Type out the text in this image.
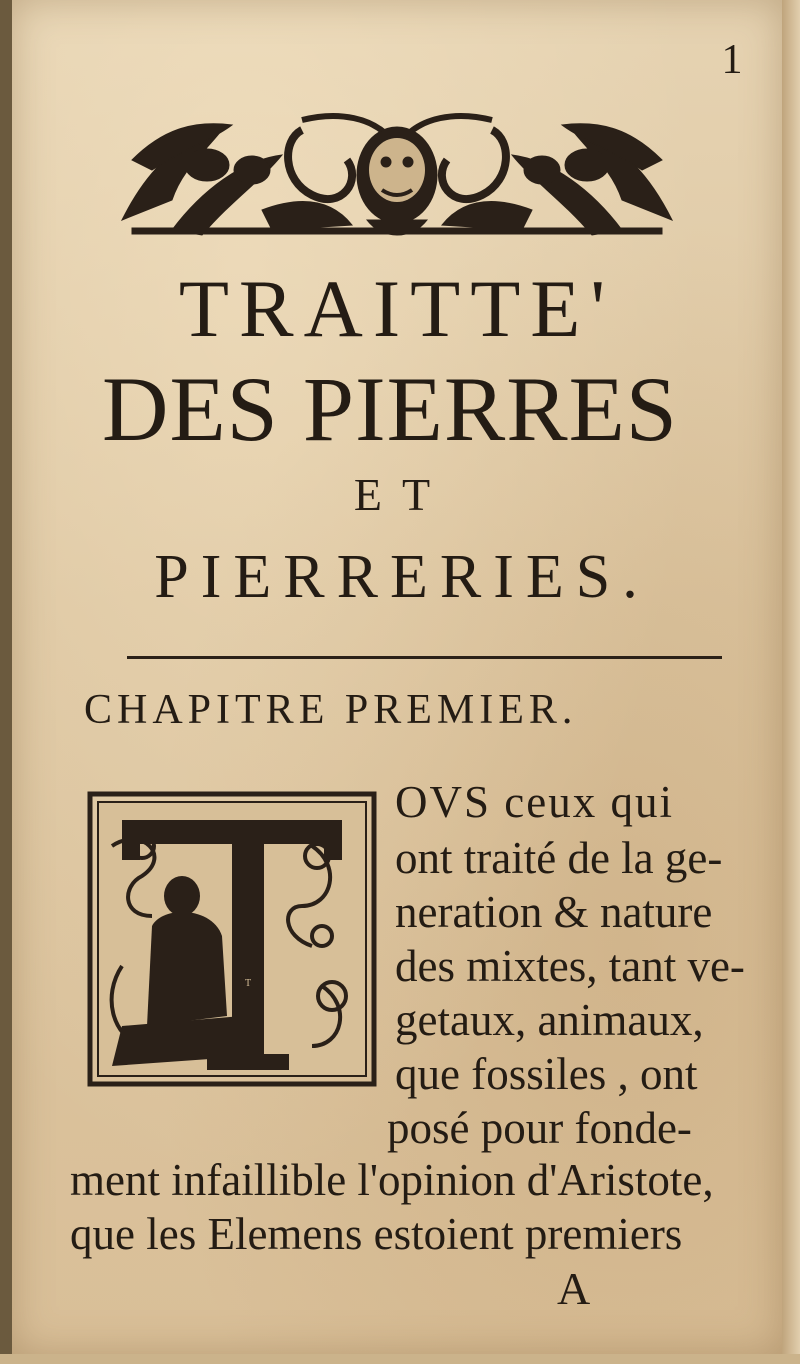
1
TRAITTE'
DES PIERRES
ET
PIERRERIES.
CHAPITRE PREMIER.
T
OVS ceux qui
ont traité de la ge-
neration & nature
des mixtes, tant ve-
getaux, animaux,
que fossiles , ont
posé pour fonde-
ment infaillible l'opinion d'Aristote,
que les Elemens estoient premiers
A
